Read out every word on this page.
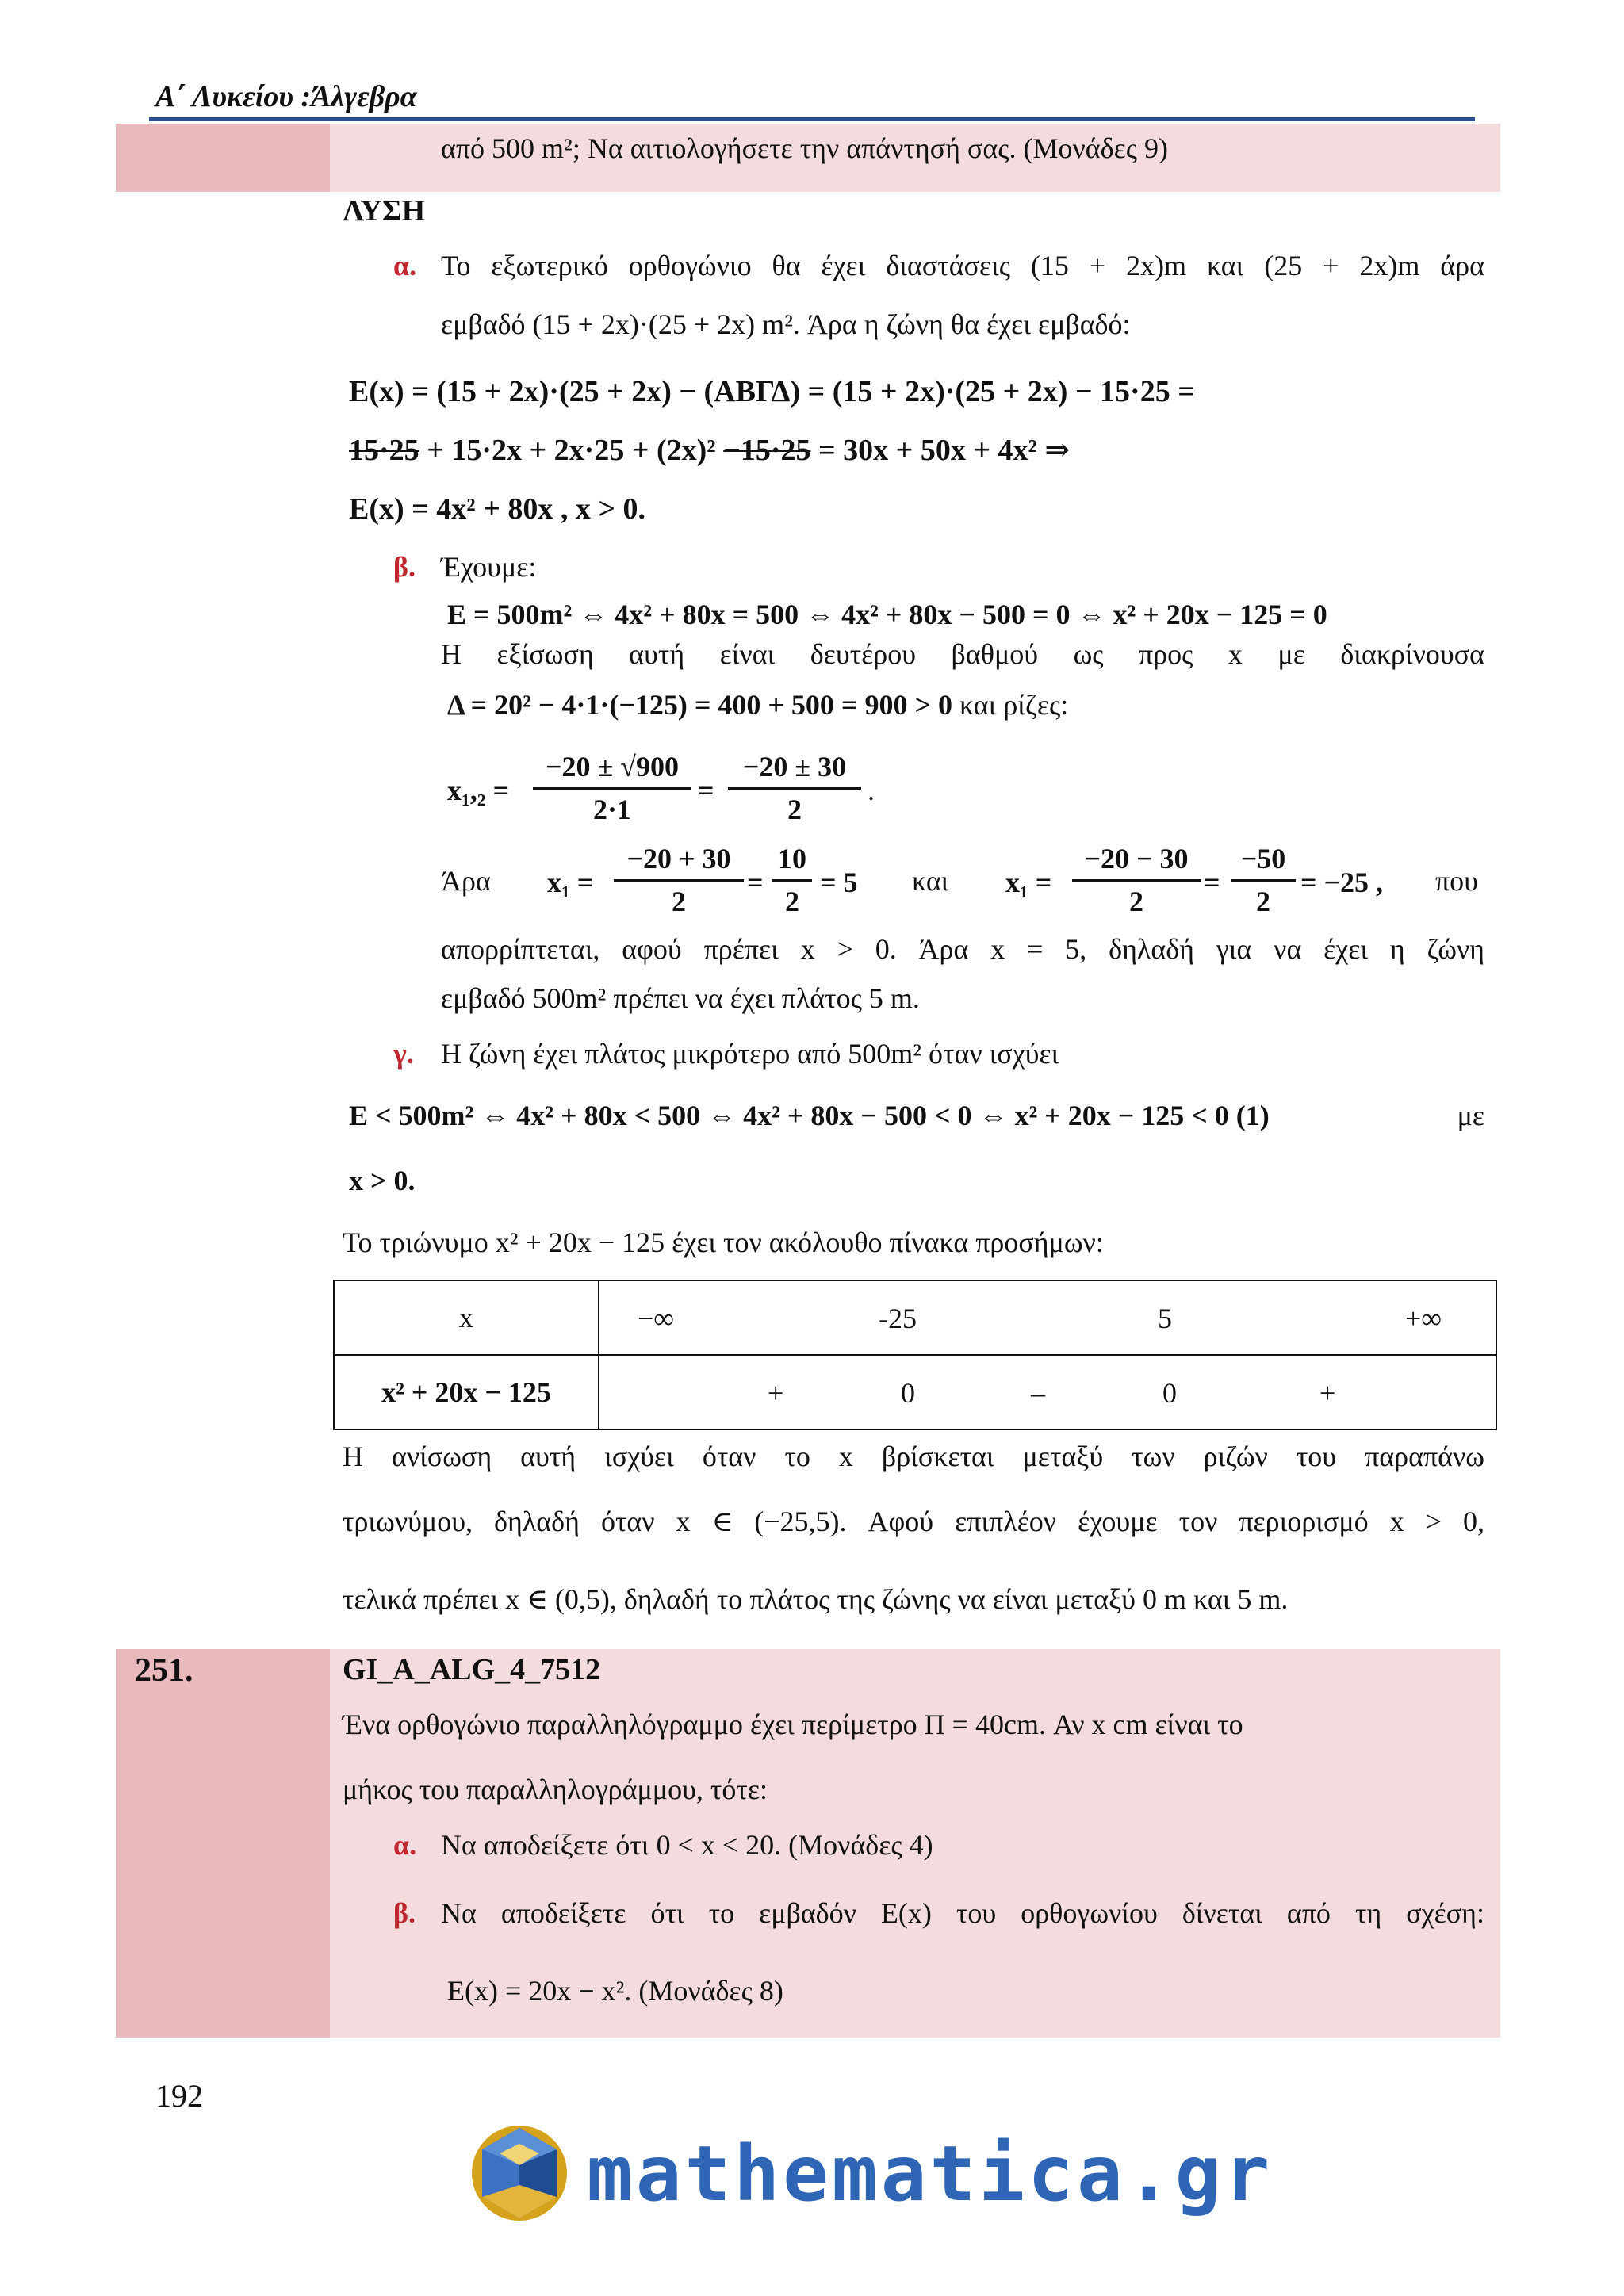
Α΄ Λυκείου :Άλγεβρα
από 500 m²; Να αιτιολογήσετε την απάντησή σας. (Μονάδες 9)
ΛΥΣΗ
α. Το εξωτερικό ορθογώνιο θα έχει διαστάσεις (15 + 2x)m και (25 + 2x)m άρα
εμβαδό (15 + 2x)·(25 + 2x) m². Άρα η ζώνη θα έχει εμβαδό:
E(x) = (15 + 2x)·(25 + 2x) − (ΑΒΓΔ) = (15 + 2x)·(25 + 2x) − 15·25 =
15·25 + 15·2x + 2x·25 + (2x)² −15·25 = 30x + 50x + 4x² ⇒
E(x) = 4x² + 80x , x > 0.
β. Έχουμε:
E = 500m² ⇔ 4x² + 80x = 500 ⇔ 4x² + 80x − 500 = 0 ⇔ x² + 20x − 125 = 0
Η εξίσωση αυτή είναι δευτέρου βαθμού ως προς x με διακρίνουσα
Δ = 20² − 4·1·(−125) = 400 + 500 = 900 > 0 και ρίζες:
x₁,₂ =
−20 ± √900
2·1
=
−20 ± 30
2
.
Άρα x₁ =
−20 + 30
2
=
10
2
= 5 και x₁ =
−20 − 30
2
=
−50
2
= −25 , που
απορρίπτεται, αφού πρέπει x > 0. Άρα x = 5, δηλαδή για να έχει η ζώνη
εμβαδό 500m² πρέπει να έχει πλάτος 5 m.
γ. Η ζώνη έχει πλάτος μικρότερο από 500m² όταν ισχύει
E < 500m² ⇔ 4x² + 80x < 500 ⇔ 4x² + 80x − 500 < 0 ⇔ x² + 20x − 125 < 0 (1)	με
x > 0.
Το τριώνυμο x² + 20x − 125 έχει τον ακόλουθο πίνακα προσήμων:
x	−∞ -25 5 +∞

x² + 20x − 125	+ 0 – 0 +
Η ανίσωση αυτή ισχύει όταν το x βρίσκεται μεταξύ των ριζών του παραπάνω
τριωνύμου, δηλαδή όταν x ∈ (−25,5). Αφού επιπλέον έχουμε τον περιορισμό x > 0,
τελικά πρέπει x ∈ (0,5), δηλαδή το πλάτος της ζώνης να είναι μεταξύ 0 m και 5 m.
251.	GI_A_ALG_4_7512
Ένα ορθογώνιο παραλληλόγραμμο έχει περίμετρο Π = 40cm. Αν x cm είναι το
μήκος του παραλληλογράμμου, τότε:
α. Να αποδείξετε ότι 0 < x < 20. (Μονάδες 4)
β. Να αποδείξετε ότι το εμβαδόν E(x) του ορθογωνίου δίνεται από τη σχέση:
E(x) = 20x − x². (Μονάδες 8)
192
mathematica.gr
